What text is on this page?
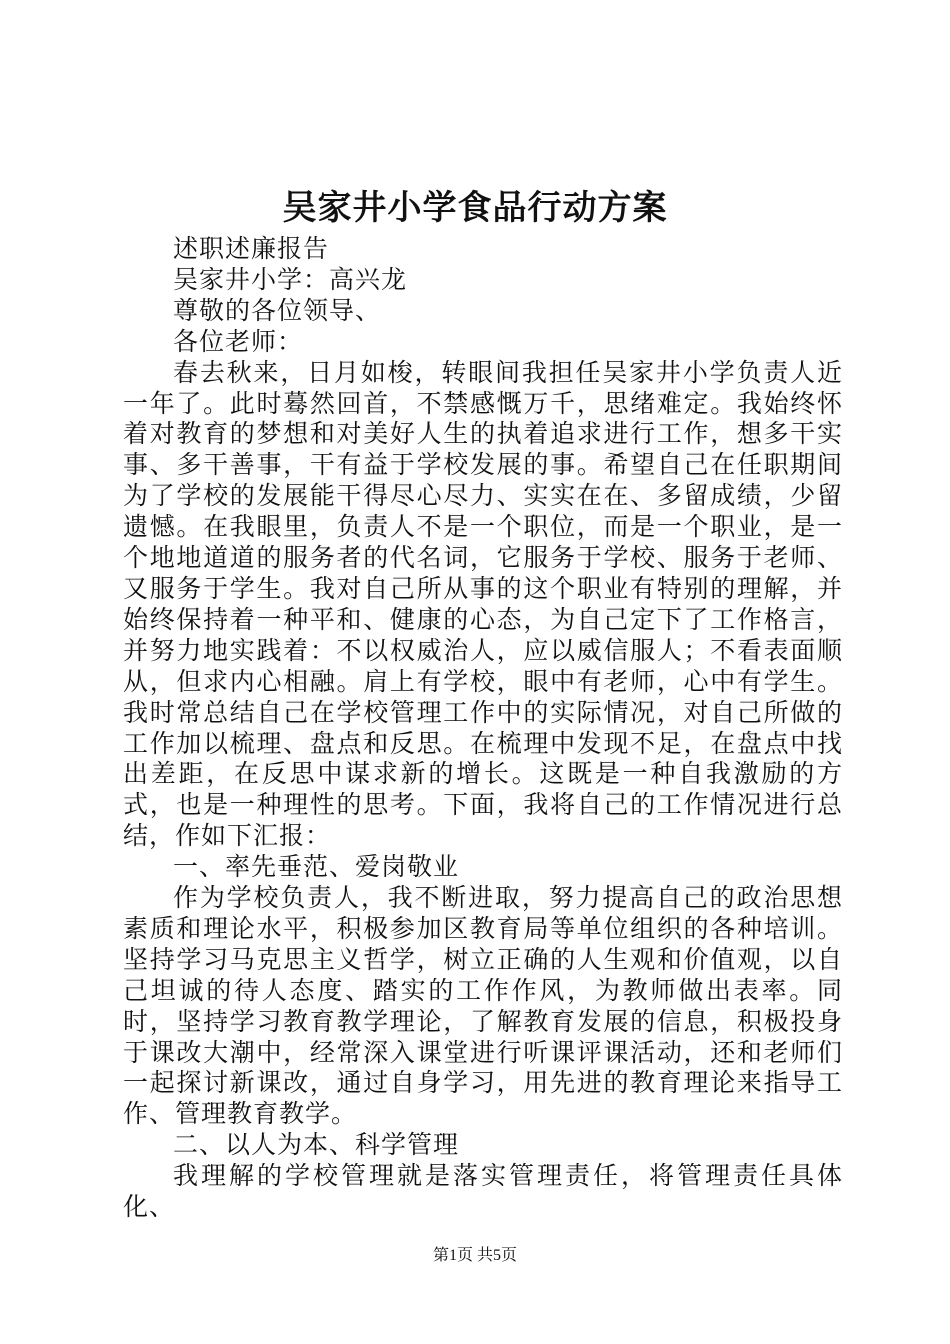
吴家井小学食品行动方案

述职述廉报告

吴家井小学：高兴龙

尊敬的各位领导、

各位老师：

春去秋来，日月如梭，转眼间我担任吴家井小学负责人近一年了。此时蓦然回首，不禁感慨万千，思绪难定。我始终怀着对教育的梦想和对美好人生的执着追求进行工作，想多干实事、多干善事，干有益于学校发展的事。希望自己在任职期间为了学校的发展能干得尽心尽力、实实在在、多留成绩，少留遗憾。在我眼里，负责人不是一个职位，而是一个职业，是一个地地道道的服务者的代名词，它服务于学校、服务于老师、又服务于学生。我对自己所从事的这个职业有特别的理解，并始终保持着一种平和、健康的心态，为自己定下了工作格言，并努力地实践着：不以权威治人，应以威信服人；不看表面顺从，但求内心相融。肩上有学校，眼中有老师，心中有学生。我时常总结自己在学校管理工作中的实际情况，对自己所做的工作加以梳理、盘点和反思。在梳理中发现不足，在盘点中找出差距，在反思中谋求新的增长。这既是一种自我激励的方式，也是一种理性的思考。下面，我将自己的工作情况进行总结，作如下汇报：

一、率先垂范、爱岗敬业

作为学校负责人，我不断进取，努力提高自己的政治思想素质和理论水平，积极参加区教育局等单位组织的各种培训。坚持学习马克思主义哲学，树立正确的人生观和价值观，以自己坦诚的待人态度、踏实的工作作风，为教师做出表率。同时，坚持学习教育教学理论，了解教育发展的信息，积极投身于课改大潮中，经常深入课堂进行听课评课活动，还和老师们一起探讨新课改，通过自身学习，用先进的教育理论来指导工作、管理教育教学。

二、以人为本、科学管理

我理解的学校管理就是落实管理责任，将管理责任具体化、

第1页 共5页
